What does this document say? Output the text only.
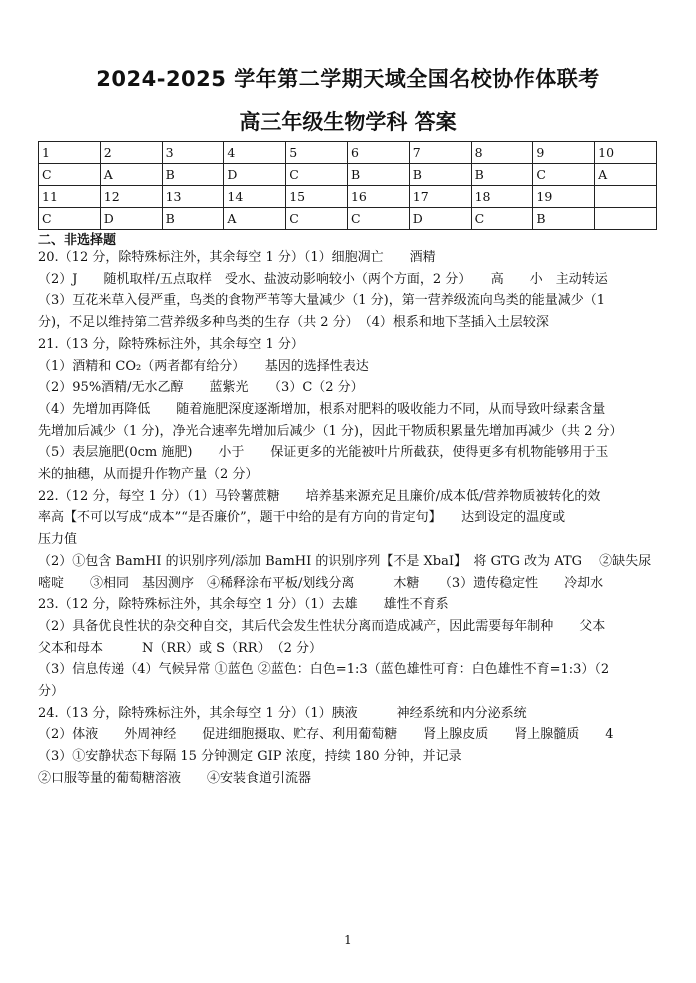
2024-2025 学年第二学期天域全国名校协作体联考
高三年级生物学科 答案
1	2	3	4	5	6	7	8	9	10
C	A	B	D	C	B	B	B	C	A
11	12	13	14	15	16	17	18	19	
C	D	B	A	C	C	D	C	B	
二、非选择题

20.（12 分，除特殊标注外，其余每空 1 分）（1）细胞凋亡　　酒精

（2）J　　随机取样/五点取样　受水、盐波动影响较小（两个方面，2 分）　　高　　小　主动转运

（3）互花米草入侵严重，鸟类的食物严苇等大量减少（1 分)，第一营养级流向鸟类的能量减少（1

分)，不足以维持第二营养级多种鸟类的生存（共 2 分）　（4）根系和地下茎插入土层较深

21.（13 分，除特殊标注外，其余每空 1 分）

（1）酒精和 CO₂（两者都有给分）　　基因的选择性表达

（2）95%酒精/无水乙醇　　蓝紫光　　（3）C（2 分）

（4）先增加再降低　　随着施肥深度逐渐增加，根系对肥料的吸收能力不同，从而导致叶绿素含量

先增加后减少（1 分)，净光合速率先增加后减少（1 分)，因此干物质积累量先增加再减少（共 2 分）

（5）表层施肥(0cm 施肥)　　小于　　保证更多的光能被叶片所截获，使得更多有机物能够用于玉

米的抽穗，从而提升作物产量（2 分）

22.（12 分，每空 1 分）（1）马铃薯蔗糖　　培养基来源充足且廉价/成本低/营养物质被转化的效

率高【不可以写成“成本”“是否廉价”，题干中给的是有方向的肯定句】　　达到设定的温度或

压力值

（2）①包含 BamHI 的识别序列/添加 BamHI 的识别序列【不是 XbaI】　将 GTG 改为 ATG　 ②缺失尿

嘧啶　　③相同　基因测序　④稀释涂布平板/划线分离　　　木糖　　（3）遗传稳定性　　冷却水

23.（12 分，除特殊标注外，其余每空 1 分）（1）去雄　　雄性不育系

（2）具备优良性状的杂交种自交，其后代会发生性状分离而造成减产，因此需要每年制种　　父本

父本和母本　　　N（RR）或 S（RR）　（2 分）

（3）信息传递（4）气候异常 ①蓝色 ②蓝色：白色=1:3（蓝色雄性可育：白色雄性不育=1:3）（2

分）

24.（13 分，除特殊标注外，其余每空 1 分）（1）胰液　　　神经系统和内分泌系统

（2）体液　　外周神经　　促进细胞摄取、贮存、利用葡萄糖　　肾上腺皮质　　肾上腺髓质　　4

（3）①安静状态下每隔 15 分钟测定 GIP 浓度，持续 180 分钟，并记录

②口服等量的葡萄糖溶液　　④安装食道引流器

1
